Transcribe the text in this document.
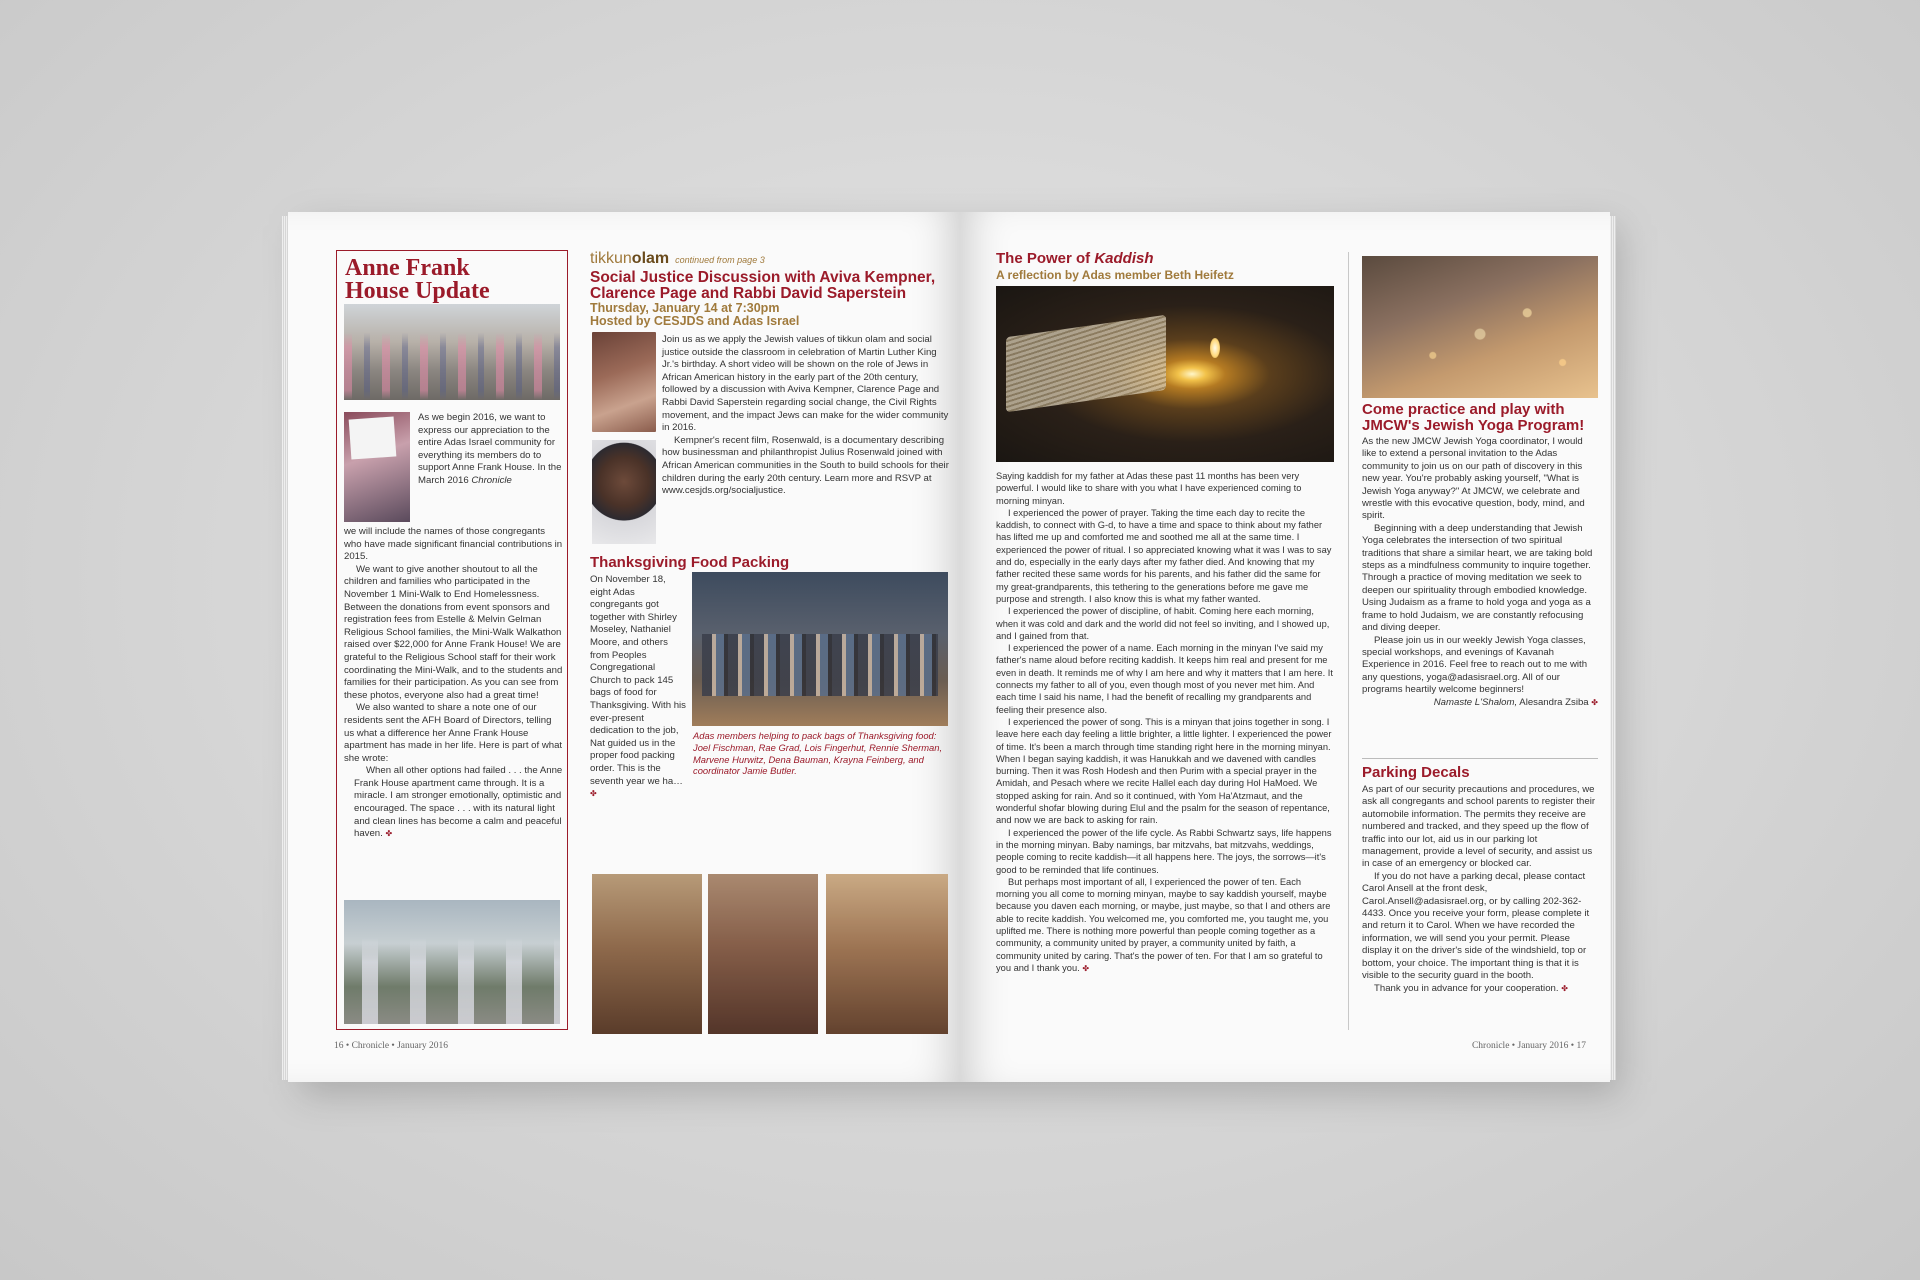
Anne Frank
House Update

As we begin 2016, we want to express our appreciation to the entire Adas Israel community for everything its members do to support Anne Frank House. In the March 2016 Chronicle

we will include the names of those congregants who have made significant financial contributions in 2015.

We want to give another shoutout to all the children and families who participated in the November 1 Mini-Walk to End Homelessness. Between the donations from event sponsors and registration fees from Estelle & Melvin Gelman Religious School families, the Mini-Walk Walkathon raised over $22,000 for Anne Frank House! We are grateful to the Religious School staff for their work coordinating the Mini-Walk, and to the students and families for their participation. As you can see from these photos, everyone also had a great time!

We also wanted to share a note one of our residents sent the AFH Board of Directors, telling us what a difference her Anne Frank House apartment has made in her life. Here is part of what she wrote:

When all other options had failed . . . the Anne Frank House apartment came through. It is a miracle. I am stronger emotionally, optimistic and encouraged. The space . . . with its natural light and clean lines has become a calm and peaceful haven. ✤

tikkunolam continued from page 3
Social Justice Discussion with Aviva Kempner, Clarence Page and Rabbi David Saperstein
Thursday, January 14 at 7:30pm
Hosted by CESJDS and Adas Israel

Join us as we apply the Jewish values of tikkun olam and social justice outside the classroom in celebration of Martin Luther King Jr.'s birthday. A short video will be shown on the role of Jews in African American history in the early part of the 20th century, followed by a discussion with Aviva Kempner, Clarence Page and Rabbi David Saperstein regarding social change, the Civil Rights movement, and the impact Jews can make for the wider community in 2016.

Kempner's recent film, Rosenwald, is a documentary describing how businessman and philanthropist Julius Rosenwald joined with African American communities in the South to build schools for their children during the early 20th century. Learn more and RSVP at www.cesjds.org/socialjustice.

Thanksgiving Food Packing
Adas members helping to pack bags of Thanksgiving food: Joel Fischman, Rae Grad, Lois Fingerhut, Rennie Sherman, Marvene Hurwitz, Dena Bauman, Krayna Feinberg, and coordinator Jamie Butler.

On November 18, eight Adas congregants got together with Shirley Moseley, Nathaniel Moore, and others from Peoples Congregational Church to pack 145 bags of food for Thanksgiving. With his ever-present dedication to the job, Nat guided us in the proper food packing order. This is the seventh year we have

✤

16 • Chronicle • January 2016
The Power of Kaddish
A reflection by Adas member Beth Heifetz

Saying kaddish for my father at Adas these past 11 months has been very powerful. I would like to share with you what I have experienced coming to morning minyan.

I experienced the power of prayer. Taking the time each day to recite the kaddish, to connect with G-d, to have a time and space to think about my father has lifted me up and comforted me and soothed me all at the same time. I experienced the power of ritual. I so appreciated knowing what it was I was to say and do, especially in the early days after my father died. And knowing that my father recited these same words for his parents, and his father did the same for my great-grandparents, this tethering to the generations before me gave me purpose and strength. I also know this is what my father wanted.

I experienced the power of discipline, of habit. Coming here each morning, when it was cold and dark and the world did not feel so inviting, and I showed up, and I gained from that.

I experienced the power of a name. Each morning in the minyan I've said my father's name aloud before reciting kaddish. It keeps him real and present for me even in death. It reminds me of why I am here and why it matters that I am here. It connects my father to all of you, even though most of you never met him. And each time I said his name, I had the benefit of recalling my grandparents and feeling their presence also.

I experienced the power of song. This is a minyan that joins together in song. I leave here each day feeling a little brighter, a little lighter. I experienced the power of time. It's been a march through time standing right here in the morning minyan. When I began saying kaddish, it was Hanukkah and we davened with candles burning. Then it was Rosh Hodesh and then Purim with a special prayer in the Amidah, and Pesach where we recite Hallel each day during Hol HaMoed. We stopped asking for rain. And so it continued, with Yom Ha'Atzmaut, and the wonderful shofar blowing during Elul and the psalm for the season of repentance, and now we are back to asking for rain.

I experienced the power of the life cycle. As Rabbi Schwartz says, life happens in the morning minyan. Baby namings, bar mitzvahs, bat mitzvahs, weddings, people coming to recite kaddish—it all happens here. The joys, the sorrows—it's good to be reminded that life continues.

But perhaps most important of all, I experienced the power of ten. Each morning you all come to morning minyan, maybe to say kaddish yourself, maybe because you daven each morning, or maybe, just maybe, so that I and others are able to recite kaddish. You welcomed me, you comforted me, you taught me, you uplifted me. There is nothing more powerful than people coming together as a community, a community united by prayer, a community united by faith, a community united by caring. That's the power of ten. For that I am so grateful to you and I thank you. ✤

Come practice and play with JMCW's Jewish Yoga Program!

As the new JMCW Jewish Yoga coordinator, I would like to extend a personal invitation to the Adas community to join us on our path of discovery in this new year. You're probably asking yourself, "What is Jewish Yoga anyway?" At JMCW, we celebrate and wrestle with this evocative question, body, mind, and spirit.

Beginning with a deep understanding that Jewish Yoga celebrates the intersection of two spiritual traditions that share a similar heart, we are taking bold steps as a mindfulness community to inquire together. Through a practice of moving meditation we seek to deepen our spirituality through embodied knowledge. Using Judaism as a frame to hold yoga and yoga as a frame to hold Judaism, we are constantly refocusing and diving deeper.

Please join us in our weekly Jewish Yoga classes, special workshops, and evenings of Kavanah Experience in 2016. Feel free to reach out to me with any questions, yoga@adasisrael.org. All of our programs heartily welcome beginners!

Namaste L'Shalom, Alesandra Zsiba ✤

Parking Decals

As part of our security precautions and procedures, we ask all congregants and school parents to register their automobile information. The permits they receive are numbered and tracked, and they speed up the flow of traffic into our lot, aid us in our parking lot management, provide a level of security, and assist us in case of an emergency or blocked car.

If you do not have a parking decal, please contact Carol Ansell at the front desk, Carol.Ansell@adasisrael.org, or by calling 202-362-4433. Once you receive your form, please complete it and return it to Carol. When we have recorded the information, we will send you your permit. Please display it on the driver's side of the windshield, top or bottom, your choice. The important thing is that it is visible to the security guard in the booth.

Thank you in advance for your cooperation. ✤

Chronicle • January 2016 • 17
